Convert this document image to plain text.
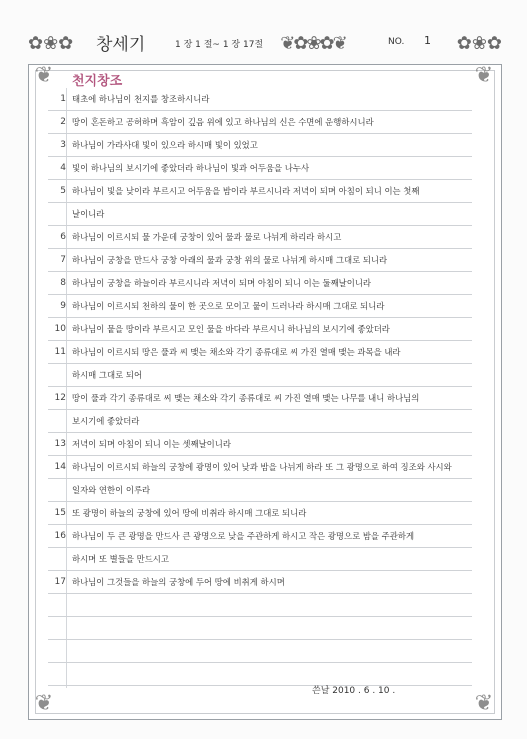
✿❀✿ 창세기	1 장 1 절~ 1 장 17절 ❦✿❀✿❦	NO. 1	✿❀✿
❦	❦
❦	❦
천지창조
1 태초에 하나님이 천지를 창조하시니라
2 땅이 혼돈하고 공허하며 흑암이 깊음 위에 있고 하나님의 신은 수면에 운행하시니라
3 하나님이 가라사대 빛이 있으라 하시매 빛이 있었고
4 빛이 하나님의 보시기에 좋았더라 하나님이 빛과 어두움을 나누사
5 하나님이 빛을 낮이라 부르시고 어두움을 밤이라 부르시니라 저녁이 되며 아침이 되니 이는 첫째
날이니라
6 하나님이 이르시되 물 가운데 궁창이 있어 물과 물로 나뉘게 하리라 하시고
7 하나님이 궁창을 만드사 궁창 아래의 물과 궁창 위의 물로 나뉘게 하시매 그대로 되니라
8 하나님이 궁창을 하늘이라 부르시니라 저녁이 되며 아침이 되니 이는 둘째날이니라
9 하나님이 이르시되 천하의 물이 한 곳으로 모이고 뭍이 드러나라 하시매 그대로 되니라
10 하나님이 뭍을 땅이라 부르시고 모인 물을 바다라 부르시니 하나님의 보시기에 좋았더라
11 하나님이 이르시되 땅은 풀과 씨 맺는 채소와 각기 종류대로 씨 가진 열매 맺는 과목을 내라
하시매 그대로 되어
12 땅이 풀과 각기 종류대로 씨 맺는 채소와 각기 종류대로 씨 가진 열매 맺는 나무를 내니 하나님의
보시기에 좋았더라
13 저녁이 되며 아침이 되니 이는 셋째날이니라
14 하나님이 이르시되 하늘의 궁창에 광명이 있어 낮과 밤을 나뉘게 하라 또 그 광명으로 하여 징조와 사시와
일자와 연한이 이루라
15 또 광명이 하늘의 궁창에 있어 땅에 비취라 하시매 그대로 되니라
16 하나님이 두 큰 광명을 만드사 큰 광명으로 낮을 주관하게 하시고 작은 광명으로 밤을 주관하게
하시며 또 별들을 만드시고
17 하나님이 그것들을 하늘의 궁창에 두어 땅에 비취게 하시며
쓴날 2010 . 6 . 10 .
